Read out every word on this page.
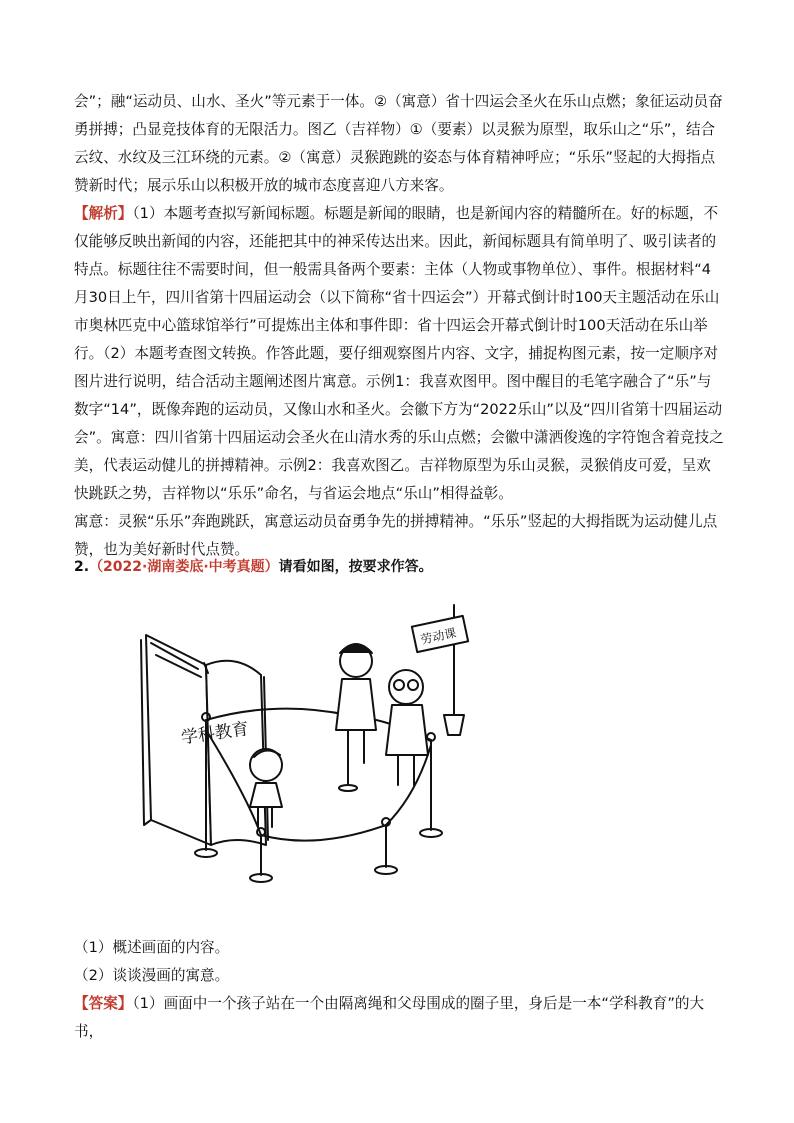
会”；融“运动员、山水、圣火”等元素于一体。②（寓意）省十四运会圣火在乐山点燃；象征运动员奋勇拼搏；凸显竞技体育的无限活力。图乙（吉祥物）①（要素）以灵猴为原型，取乐山之“乐”，结合云纹、水纹及三江环绕的元素。②（寓意）灵猴跑跳的姿态与体育精神呼应；“乐乐”竖起的大拇指点赞新时代；展示乐山以积极开放的城市态度喜迎八方来客。
【解析】（1）本题考查拟写新闻标题。标题是新闻的眼睛，也是新闻内容的精髓所在。好的标题，不仅能够反映出新闻的内容，还能把其中的神采传达出来。因此，新闻标题具有简单明了、吸引读者的特点。标题往往不需要时间，但一般需具备两个要素：主体（人物或事物单位）、事件。根据材料“4月30日上午，四川省第十四届运动会（以下简称“省十四运会”）开幕式倒计时100天主题活动在乐山市奥林匹克中心篮球馆举行”可提炼出主体和事件即：省十四运会开幕式倒计时100天活动在乐山举行。（2）本题考查图文转换。作答此题，要仔细观察图片内容、文字，捕捉构图元素，按一定顺序对图片进行说明，结合活动主题阐述图片寓意。示例1：我喜欢图甲。图中醒目的毛笔字融合了“乐”与数字“14”，既像奔跑的运动员，又像山水和圣火。会徽下方为“2022乐山”以及“四川省第十四届运动会”。寓意：四川省第十四届运动会圣火在山清水秀的乐山点燃；会徽中潇洒俊逸的字符饱含着竞技之美，代表运动健儿的拼搏精神。示例2：我喜欢图乙。吉祥物原型为乐山灵猴，灵猴俏皮可爱，呈欢快跳跃之势，吉祥物以“乐乐”命名，与省运会地点“乐山”相得益彰。
寓意：灵猴“乐乐”奔跑跳跃，寓意运动员奋勇争先的拼搏精神。“乐乐”竖起的大拇指既为运动健儿点赞，也为美好新时代点赞。
2.（2022·湖南娄底·中考真题）请看如图，按要求作答。
学科教育
劳动课
（1）概述画面的内容。
（2）谈谈漫画的寓意。
【答案】（1）画面中一个孩子站在一个由隔离绳和父母围成的圈子里，身后是一本“学科教育”的大书，
